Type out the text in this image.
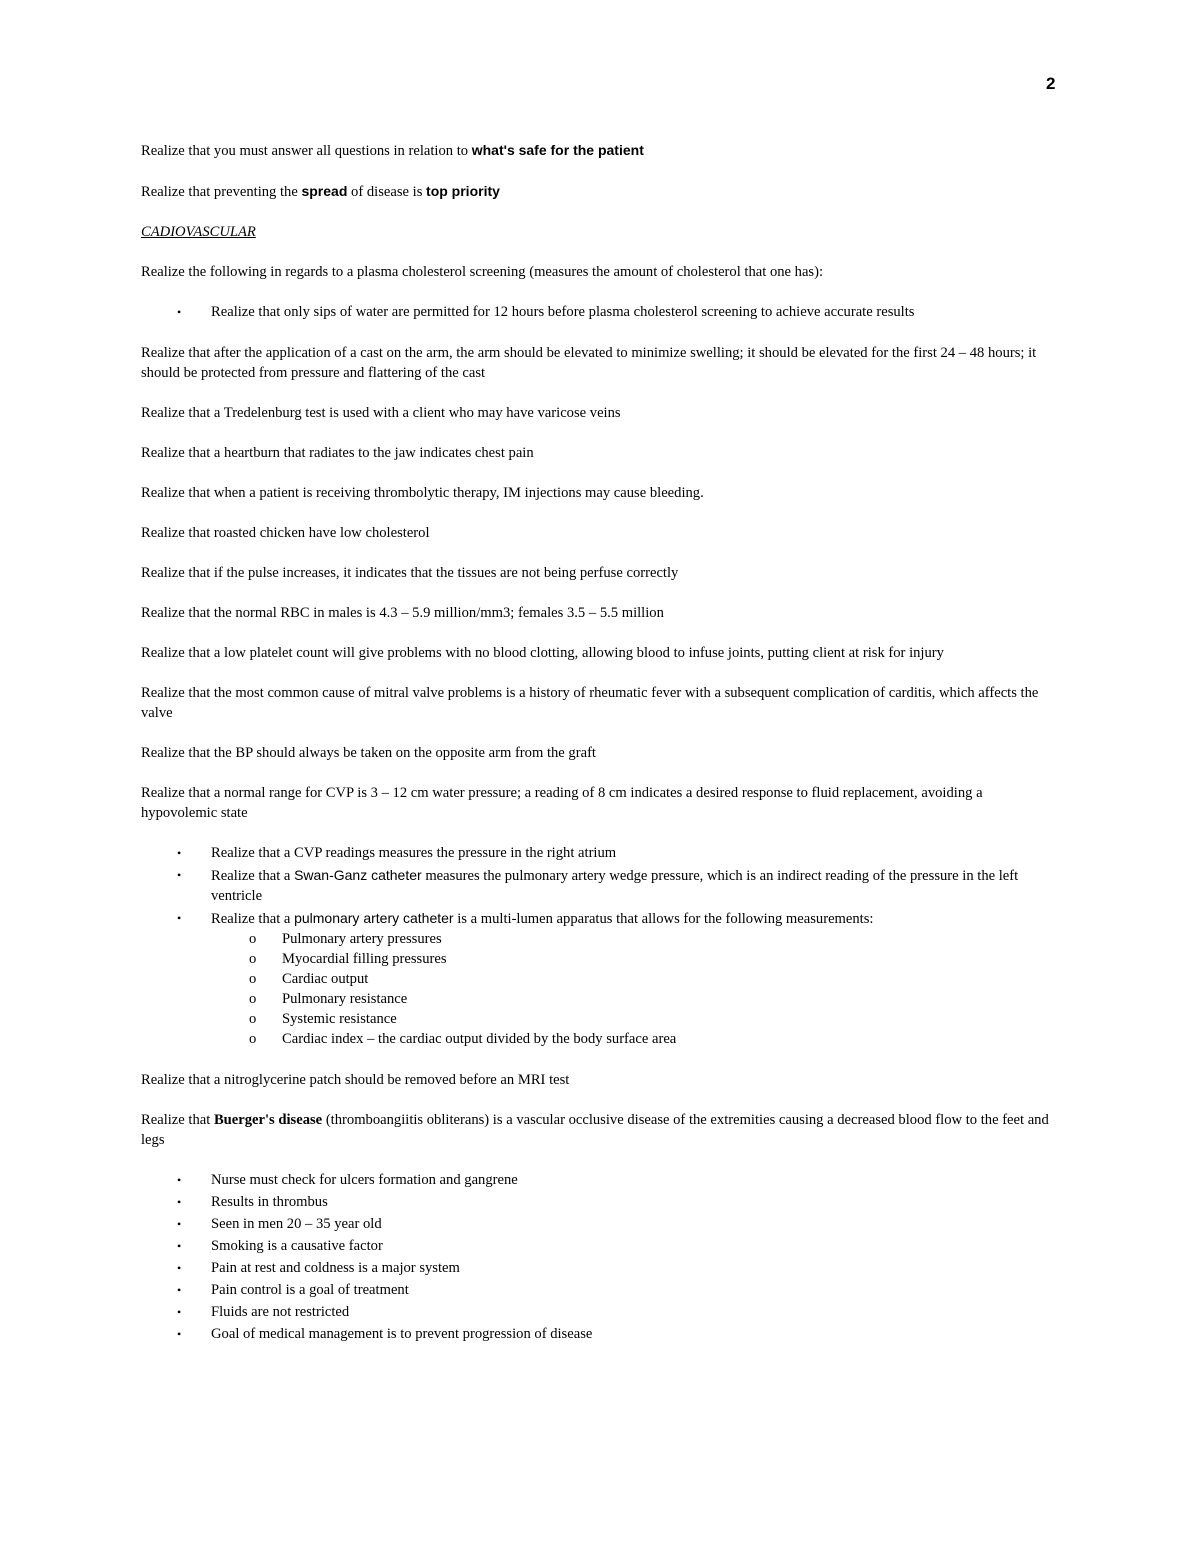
2

Realize that you must answer all questions in relation to what's safe for the patient

Realize that preventing the spread of disease is top priority

CADIOVASCULAR

Realize the following in regards to a plasma cholesterol screening (measures the amount of cholesterol that one has):

• Realize that only sips of water are permitted for 12 hours before plasma cholesterol screening to achieve accurate results

Realize that after the application of a cast on the arm, the arm should be elevated to minimize swelling; it should be elevated for the first 24 – 48 hours; it should be protected from pressure and flattering of the cast

Realize that a Tredelenburg test is used with a client who may have varicose veins

Realize that a heartburn that radiates to the jaw indicates chest pain

Realize that when a patient is receiving thrombolytic therapy, IM injections may cause bleeding.

Realize that roasted chicken have low cholesterol

Realize that if the pulse increases, it indicates that the tissues are not being perfuse correctly

Realize that the normal RBC in males is 4.3 – 5.9 million/mm3; females 3.5 – 5.5 million

Realize that a low platelet count will give problems with no blood clotting, allowing blood to infuse joints, putting client at risk for injury

Realize that the most common cause of mitral valve problems is a history of rheumatic fever with a subsequent complication of carditis, which affects the valve

Realize that the BP should always be taken on the opposite arm from the graft

Realize that a normal range for CVP is 3 – 12 cm water pressure; a reading of 8 cm indicates a desired response to fluid replacement, avoiding a hypovolemic state

• Realize that a CVP readings measures the pressure in the right atrium
• Realize that a Swan-Ganz catheter measures the pulmonary artery wedge pressure, which is an indirect reading of the pressure in the left ventricle
• Realize that a pulmonary artery catheter is a multi-lumen apparatus that allows for the following measurements:
o Pulmonary artery pressures
o Myocardial filling pressures
o Cardiac output
o Pulmonary resistance
o Systemic resistance
o Cardiac index – the cardiac output divided by the body surface area

Realize that a nitroglycerine patch should be removed before an MRI test

Realize that Buerger's disease (thromboangiitis obliterans) is a vascular occlusive disease of the extremities causing a decreased blood flow to the feet and legs

• Nurse must check for ulcers formation and gangrene
• Results in thrombus
• Seen in men 20 – 35 year old
• Smoking is a causative factor
• Pain at rest and coldness is a major system
• Pain control is a goal of treatment
• Fluids are not restricted
• Goal of medical management is to prevent progression of disease
